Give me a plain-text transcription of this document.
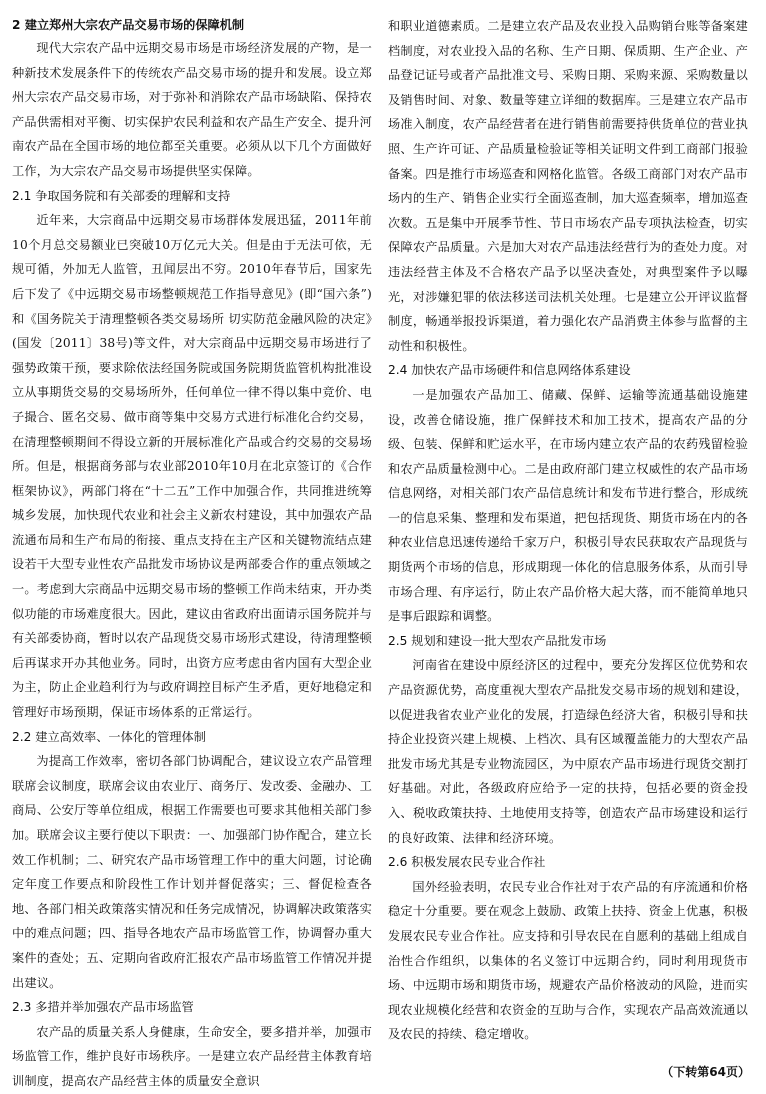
2 建立郑州大宗农产品交易市场的保障机制

现代大宗农产品中远期交易市场是市场经济发展的产物，是一种新技术发展条件下的传统农产品交易市场的提升和发展。设立郑州大宗农产品交易市场，对于弥补和消除农产品市场缺陷、保持农产品供需相对平衡、切实保护农民利益和农产品生产安全、提升河南农产品在全国市场的地位都至关重要。必须从以下几个方面做好工作，为大宗农产品交易市场提供坚实保障。

2.1 争取国务院和有关部委的理解和支持

近年来，大宗商品中远期交易市场群体发展迅猛，2011年前10个月总交易额业已突破10万亿元大关。但是由于无法可依，无规可循，外加无人监管，丑闻层出不穷。2010年春节后，国家先后下发了《中远期交易市场整顿规范工作指导意见》(即“国六条”)和《国务院关于清理整顿各类交易场所 切实防范金融风险的决定》(国发〔2011〕38号)等文件，对大宗商品中远期交易市场进行了强势政策干预，要求除依法经国务院或国务院期货监管机构批准设立从事期货交易的交易场所外，任何单位一律不得以集中竞价、电子撮合、匿名交易、做市商等集中交易方式进行标准化合约交易，在清理整顿期间不得设立新的开展标准化产品或合约交易的交易场所。但是，根据商务部与农业部2010年10月在北京签订的《合作框架协议》，两部门将在“十二五”工作中加强合作，共同推进统筹城乡发展，加快现代农业和社会主义新农村建设，其中加强农产品流通布局和生产布局的衔接、重点支持在主产区和关键物流结点建设若干大型专业性农产品批发市场协议是两部委合作的重点领域之一。考虑到大宗商品中远期交易市场的整顿工作尚未结束，开办类似功能的市场难度很大。因此，建议由省政府出面请示国务院并与有关部委协商，暂时以农产品现货交易市场形式建设，待清理整顿后再谋求开办其他业务。同时，出资方应考虑由省内国有大型企业为主，防止企业趋利行为与政府调控目标产生矛盾，更好地稳定和管理好市场预期，保证市场体系的正常运行。

2.2 建立高效率、一体化的管理体制

为提高工作效率，密切各部门协调配合，建议设立农产品管理联席会议制度，联席会议由农业厅、商务厅、发改委、金融办、工商局、公安厅等单位组成，根据工作需要也可要求其他相关部门参加。联席会议主要行使以下职责：一、加强部门协作配合，建立长效工作机制；二、研究农产品市场管理工作中的重大问题，讨论确定年度工作要点和阶段性工作计划并督促落实；三、督促检查各地、各部门相关政策落实情况和任务完成情况，协调解决政策落实中的难点问题；四、指导各地农产品市场监管工作，协调督办重大案件的查处；五、定期向省政府汇报农产品市场监管工作情况并提出建议。

2.3 多措并举加强农产品市场监管

农产品的质量关系人身健康，生命安全，要多措并举，加强市场监管工作，维护良好市场秩序。一是建立农产品经营主体教育培训制度，提高农产品经营主体的质量安全意识

和职业道德素质。二是建立农产品及农业投入品购销台账等备案建档制度，对农业投入品的名称、生产日期、保质期、生产企业、产品登记证号或者产品批准文号、采购日期、采购来源、采购数量以及销售时间、对象、数量等建立详细的数据库。三是建立农产品市场准入制度，农产品经营者在进行销售前需要持供货单位的营业执照、生产许可证、产品质量检验证等相关证明文件到工商部门报验备案。四是推行市场巡查和网格化监管。各级工商部门对农产品市场内的生产、销售企业实行全面巡查制，加大巡查频率，增加巡查次数。五是集中开展季节性、节日市场农产品专项执法检查，切实保障农产品质量。六是加大对农产品违法经营行为的查处力度。对违法经营主体及不合格农产品予以坚决查处，对典型案件予以曝光，对涉嫌犯罪的依法移送司法机关处理。七是建立公开评议监督制度，畅通举报投诉渠道，着力强化农产品消费主体参与监督的主动性和积极性。

2.4 加快农产品市场硬件和信息网络体系建设

一是加强农产品加工、储藏、保鲜、运输等流通基础设施建设，改善仓储设施，推广保鲜技术和加工技术，提高农产品的分级、包装、保鲜和贮运水平，在市场内建立农产品的农药残留检验和农产品质量检测中心。二是由政府部门建立权威性的农产品市场信息网络，对相关部门农产品信息统计和发布节进行整合，形成统一的信息采集、整理和发布渠道，把包括现货、期货市场在内的各种农业信息迅速传递给千家万户，积极引导农民获取农产品现货与期货两个市场的信息，形成期现一体化的信息服务体系，从而引导市场合理、有序运行，防止农产品价格大起大落，而不能简单地只是事后跟踪和调整。

2.5 规划和建设一批大型农产品批发市场

河南省在建设中原经济区的过程中，要充分发挥区位优势和农产品资源优势，高度重视大型农产品批发交易市场的规划和建设，以促进我省农业产业化的发展，打造绿色经济大省，积极引导和扶持企业投资兴建上规模、上档次、具有区域覆盖能力的大型农产品批发市场尤其是专业物流园区，为中原农产品市场进行现货交割打好基础。对此，各级政府应给予一定的扶持，包括必要的资金投入、税收政策扶持、土地使用支持等，创造农产品市场建设和运行的良好政策、法律和经济环境。

2.6 积极发展农民专业合作社

国外经验表明，农民专业合作社对于农产品的有序流通和价格稳定十分重要。要在观念上鼓励、政策上扶持、资金上优惠，积极发展农民专业合作社。应支持和引导农民在自愿利的基础上组成自治性合作组织，以集体的名义签订中远期合约，同时利用现货市场、中远期市场和期货市场，规避农产品价格波动的风险，进而实现农业规模化经营和农资金的互助与合作，实现农产品高效流通以及农民的持续、稳定增收。

（下转第64页）
